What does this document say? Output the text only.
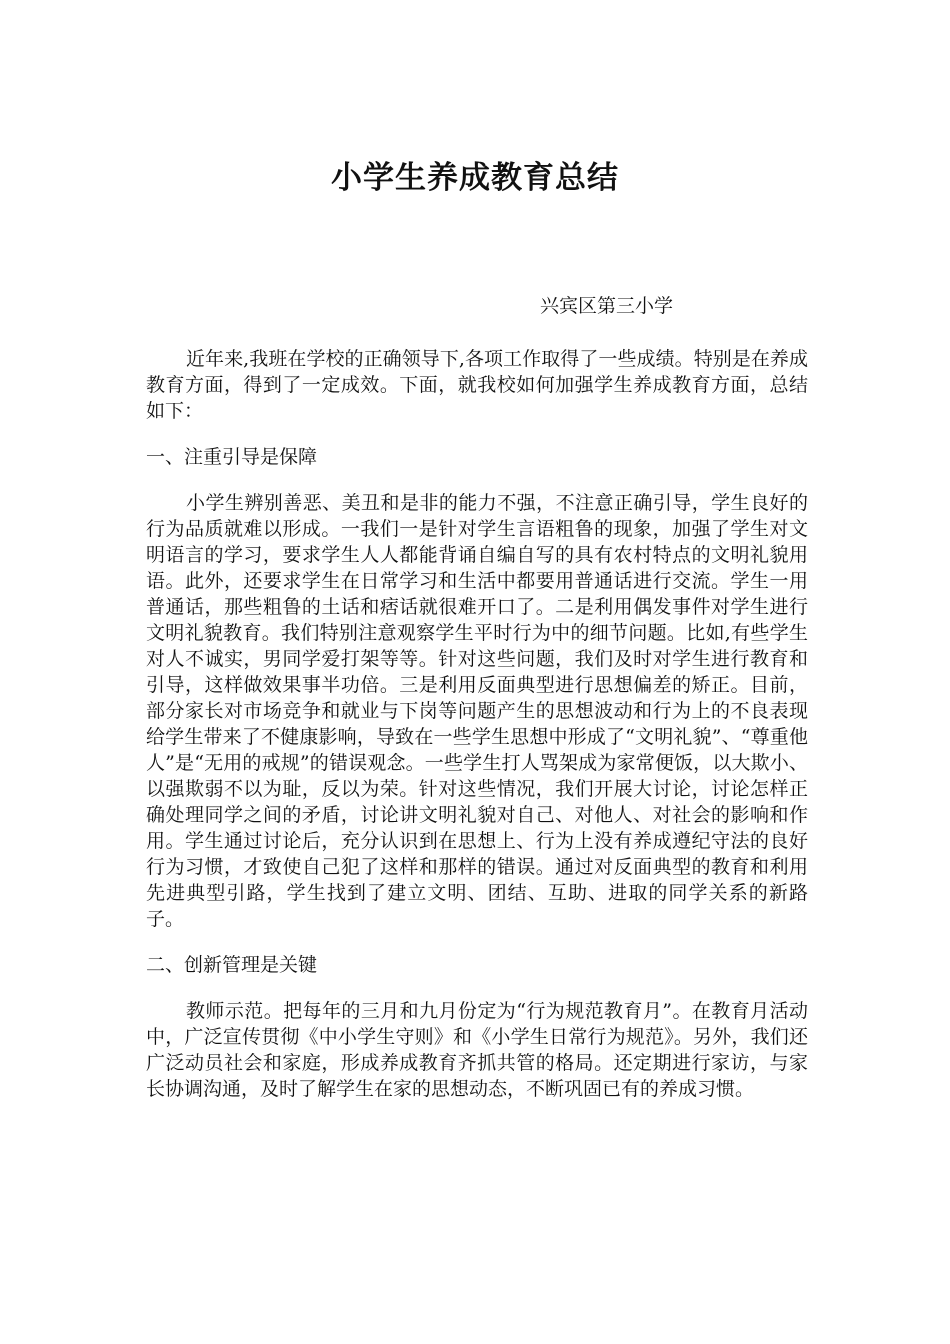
小学生养成教育总结

兴宾区第三小学

近年来,我班在学校的正确领导下,各项工作取得了一些成绩。特别是在养成教育方面，得到了一定成效。下面，就我校如何加强学生养成教育方面，总结如下：

一、注重引导是保障

小学生辨别善恶、美丑和是非的能力不强，不注意正确引导，学生良好的行为品质就难以形成。一我们一是针对学生言语粗鲁的现象，加强了学生对文明语言的学习，要求学生人人都能背诵自编自写的具有农村特点的文明礼貌用语。此外，还要求学生在日常学习和生活中都要用普通话进行交流。学生一用普通话，那些粗鲁的土话和痞话就很难开口了。二是利用偶发事件对学生进行文明礼貌教育。我们特别注意观察学生平时行为中的细节问题。比如,有些学生对人不诚实，男同学爱打架等等。针对这些问题，我们及时对学生进行教育和引导，这样做效果事半功倍。三是利用反面典型进行思想偏差的矫正。目前，部分家长对市场竞争和就业与下岗等问题产生的思想波动和行为上的不良表现给学生带来了不健康影响，导致在一些学生思想中形成了“文明礼貌”、“尊重他人”是“无用的戒规”的错误观念。一些学生打人骂架成为家常便饭，以大欺小、以强欺弱不以为耻，反以为荣。针对这些情况，我们开展大讨论，讨论怎样正确处理同学之间的矛盾，讨论讲文明礼貌对自己、对他人、对社会的影响和作用。学生通过讨论后，充分认识到在思想上、行为上没有养成遵纪守法的良好行为习惯，才致使自己犯了这样和那样的错误。通过对反面典型的教育和利用先进典型引路，学生找到了建立文明、团结、互助、进取的同学关系的新路子。

二、创新管理是关键

教师示范。把每年的三月和九月份定为“行为规范教育月”。在教育月活动中，广泛宣传贯彻《中小学生守则》和《小学生日常行为规范》。另外，我们还广泛动员社会和家庭，形成养成教育齐抓共管的格局。还定期进行家访，与家长协调沟通，及时了解学生在家的思想动态，不断巩固已有的养成习惯。
